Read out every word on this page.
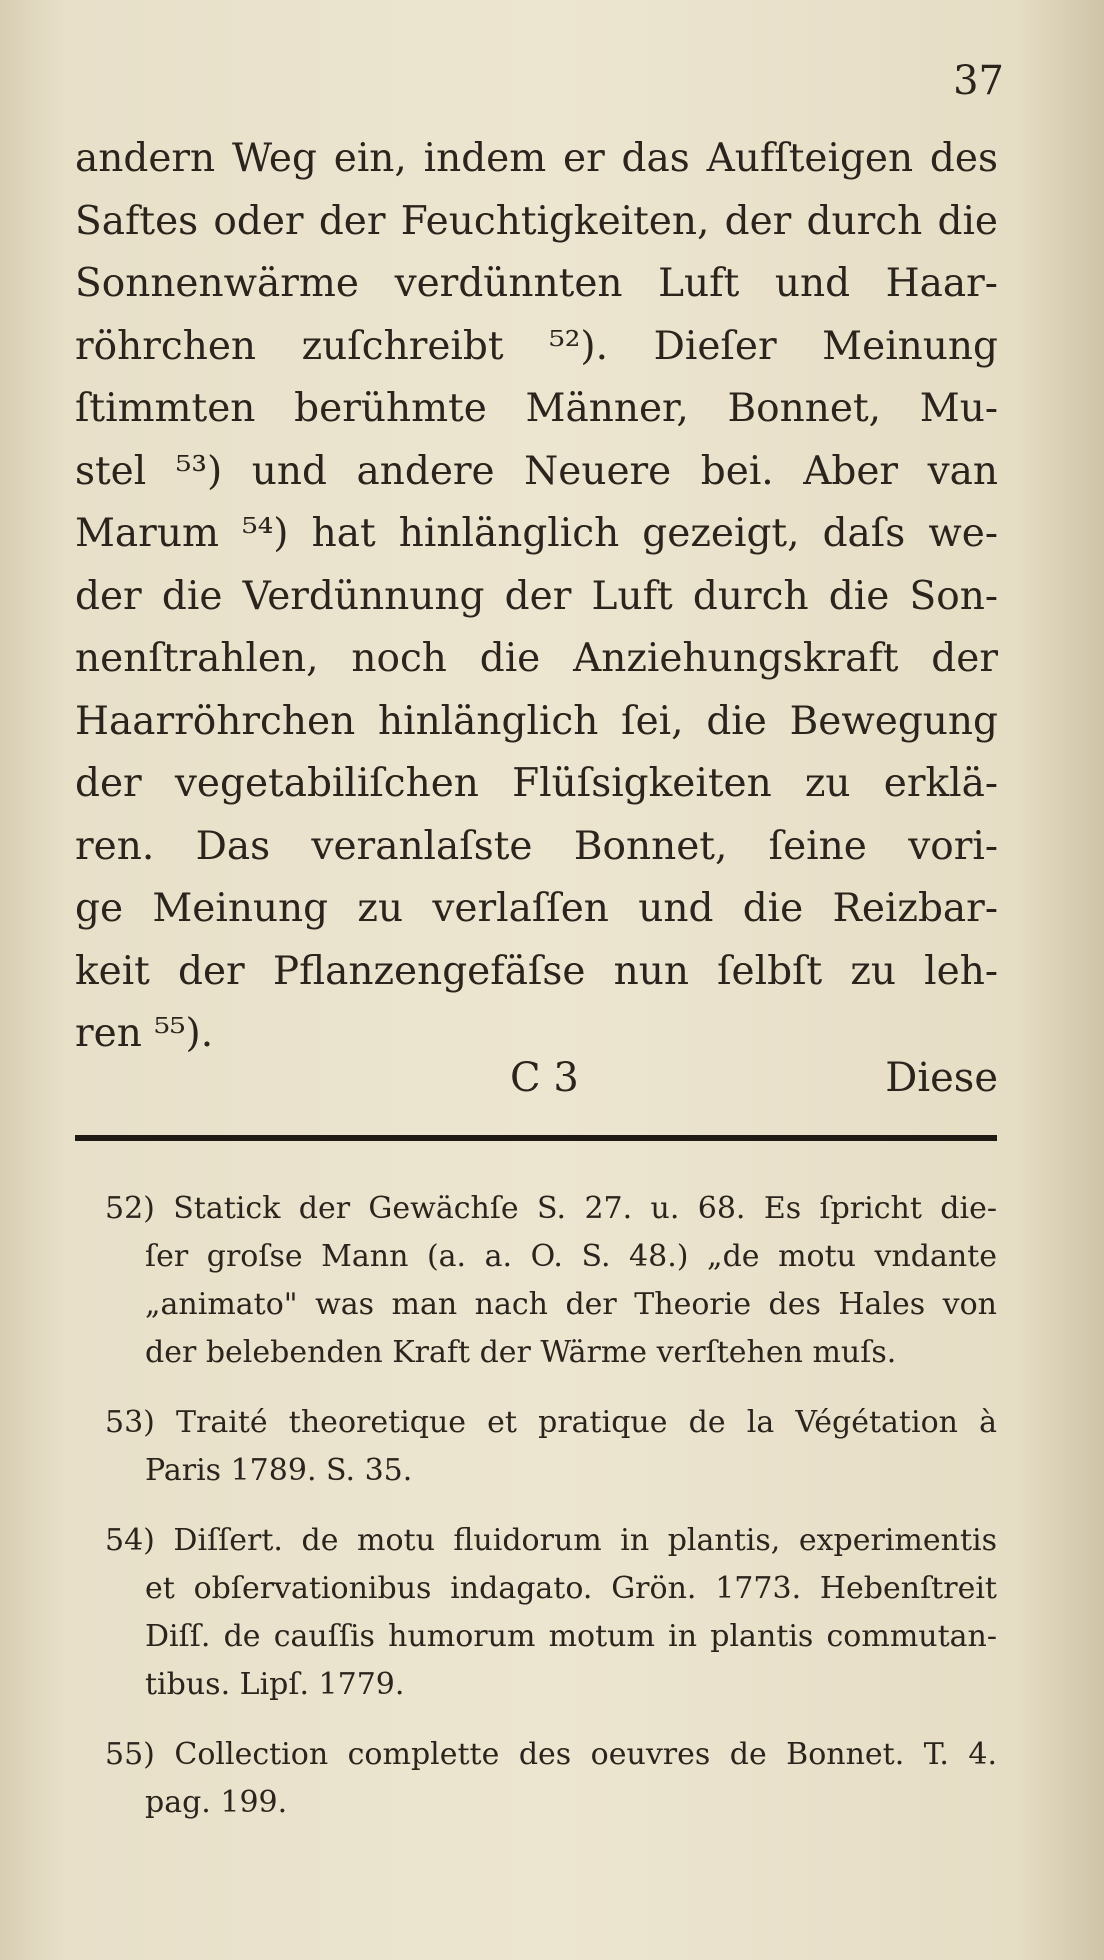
37
andern Weg ein, indem er das Aufſteigen des
Saftes oder der Feuchtigkeiten, der durch die
Sonnenwärme verdünnten Luft und Haar-
röhrchen zuſchreibt ⁵²). Dieſer Meinung
ſtimmten berühmte Männer, Bonnet, Mu-
stel ⁵³) und andere Neuere bei. Aber van
Marum ⁵⁴) hat hinlänglich gezeigt, daſs we-
der die Verdünnung der Luft durch die Son-
nenſtrahlen, noch die Anziehungskraft der
Haarröhrchen hinlänglich ſei, die Bewegung
der vegetabiliſchen Flüſsigkeiten zu erklä-
ren. Das veranlaſste Bonnet, ſeine vori-
ge Meinung zu verlaſſen und die Reizbar-
keit der Pflanzengefäſse nun ſelbſt zu leh-
ren ⁵⁵).
C 3	Diese
52) Statick der Gewächſe S. 27. u. 68. Es ſpricht die-
ſer groſse Mann (a. a. O. S. 48.) „de motu vndante
„animato" was man nach der Theorie des Hales von
der belebenden Kraft der Wärme verſtehen muſs.
53) Traité theoretique et pratique de la Végétation à
Paris 1789. S. 35.
54) Diſſert. de motu fluidorum in plantis, experimentis
et obſervationibus indagato. Grön. 1773. Hebenſtreit
Diſſ. de cauſſis humorum motum in plantis commutan-
tibus. Lipſ. 1779.
55) Collection complette des oeuvres de Bonnet. T. 4.
pag. 199.
